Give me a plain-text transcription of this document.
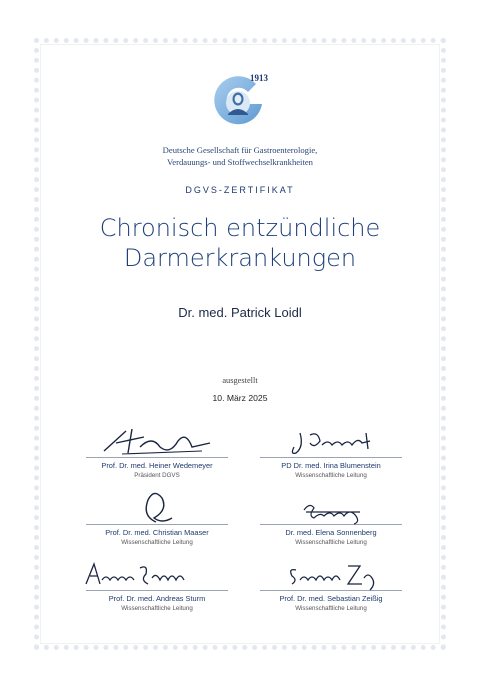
1913
Deutsche Gesellschaft für Gastroenterologie,
Verdauungs- und Stoffwechselkrankheiten
DGVS-ZERTIFIKAT
Chronisch entzündliche
Darmerkrankungen
Dr. med. Patrick Loidl
ausgestellt
10. März 2025
Prof. Dr. med. Heiner Wedemeyer
Präsident DGVS
PD Dr. med. Irina Blumenstein
Wissenschaftliche Leitung
Prof. Dr. med. Christian Maaser
Wissenschaftliche Leitung
Dr. med. Elena Sonnenberg
Wissenschaftliche Leitung
Prof. Dr. med. Andreas Sturm
Wissenschaftliche Leitung
Prof. Dr. med. Sebastian Zeißig
Wissenschaftliche Leitung
